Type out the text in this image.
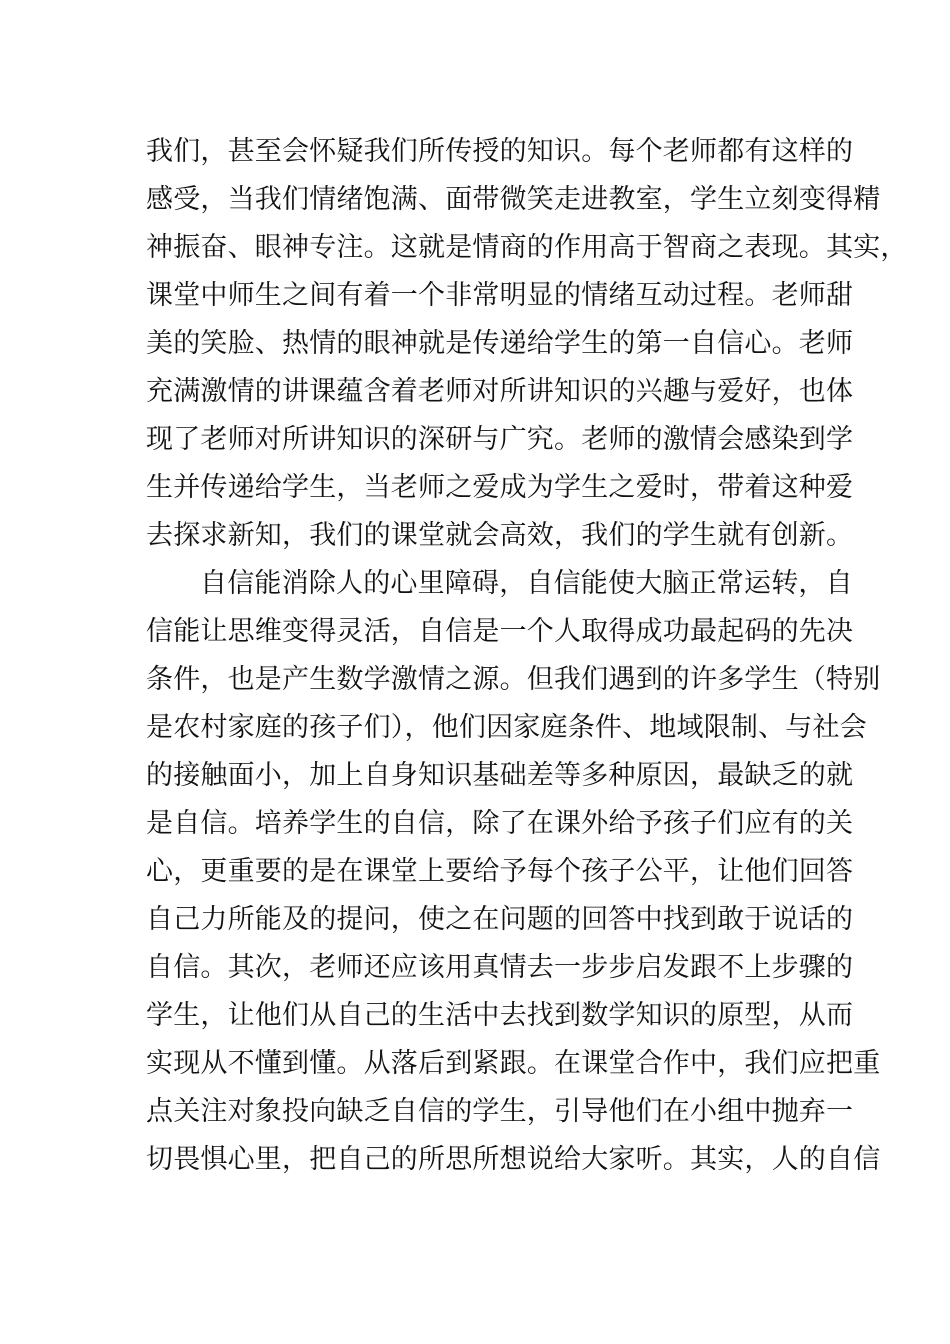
我们，甚至会怀疑我们所传授的知识。每个老师都有这样的
感受，当我们情绪饱满、面带微笑走进教室，学生立刻变得精
神振奋、眼神专注。这就是情商的作用高于智商之表现。其实，
课堂中师生之间有着一个非常明显的情绪互动过程。老师甜
美的笑脸、热情的眼神就是传递给学生的第一自信心。老师
充满激情的讲课蕴含着老师对所讲知识的兴趣与爱好，也体
现了老师对所讲知识的深研与广究。老师的激情会感染到学
生并传递给学生，当老师之爱成为学生之爱时，带着这种爱
去探求新知，我们的课堂就会高效，我们的学生就有创新。
自信能消除人的心里障碍，自信能使大脑正常运转，自
信能让思维变得灵活，自信是一个人取得成功最起码的先决
条件，也是产生数学激情之源。但我们遇到的许多学生（特别
是农村家庭的孩子们），他们因家庭条件、地域限制、与社会
的接触面小，加上自身知识基础差等多种原因，最缺乏的就
是自信。培养学生的自信，除了在课外给予孩子们应有的关
心，更重要的是在课堂上要给予每个孩子公平，让他们回答
自己力所能及的提问，使之在问题的回答中找到敢于说话的
自信。其次，老师还应该用真情去一步步启发跟不上步骤的
学生，让他们从自己的生活中去找到数学知识的原型，从而
实现从不懂到懂。从落后到紧跟。在课堂合作中，我们应把重
点关注对象投向缺乏自信的学生，引导他们在小组中抛弃一
切畏惧心里，把自己的所思所想说给大家听。其实，人的自信
